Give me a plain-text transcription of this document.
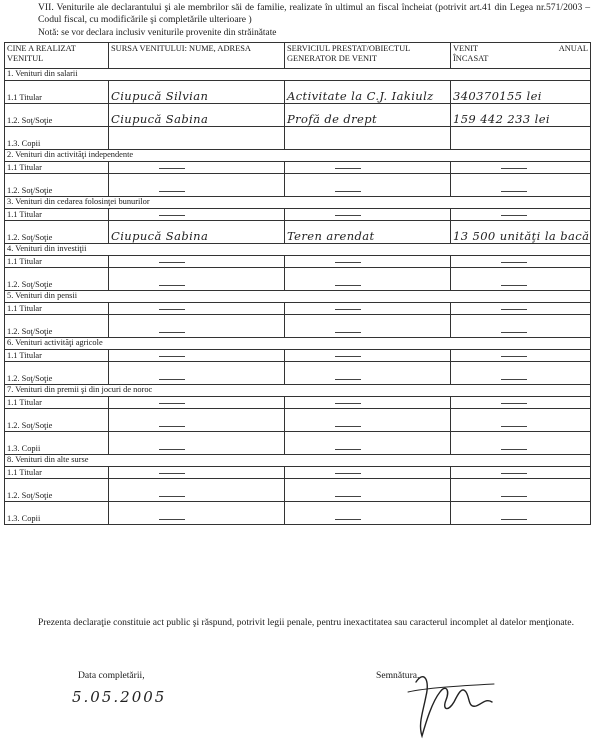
VII. Veniturile ale declarantului şi ale membrilor săi de familie, realizate în ultimul an fiscal încheiat (potrivit art.41 din Legea nr.571/2003 – Codul fiscal, cu modificările şi completările ulterioare )
Notă: se vor declara inclusiv veniturile provenite din străinătate
CINE A REALIZAT VENITUL	SURSA VENITULUI: NUME, ADRESA	SERVICIUL PRESTAT/OBIECTUL GENERATOR DE VENIT	VENIT ANUAL
ÎNCASAT
1. Venituri din salarii			
1.1 Titular	Ciupucă Silvian	Activitate la C.J. Iakiulz	340370155 lei
1.2. Soţ/Soţie	Ciupucă Sabina	Profă de drept	159 442 233 lei
1.3. Copii			
2. Venituri din activităţi independente			
1.1 Titular			
1.2. Soţ/Soţie			
3. Venituri din cedarea folosinţei bunurilor			
1.1 Titular			
1.2. Soţ/Soţie	Ciupucă Sabina	Teren arendat	13 500 unităţi la bacă
4. Venituri din investiţii			
1.1 Titular			
1.2. Soţ/Soţie			
5. Venituri din pensii			
1.1 Titular			
1.2. Soţ/Soţie			
6. Venituri activităţi agricole			
1.1 Titular			
1.2. Soţ/Soţie			
7. Venituri din premii şi din jocuri de noroc			
1.1 Titular			
1.2. Soţ/Soţie			
1.3. Copii			
8. Venituri din alte surse			
1.1 Titular			
1.2. Soţ/Soţie			
1.3. Copii			
Prezenta declaraţie constituie act public şi răspund, potrivit legii penale, pentru inexactitatea sau caracterul incomplet al datelor menţionate.
Data completării,
5.05.2005
Semnătura,
